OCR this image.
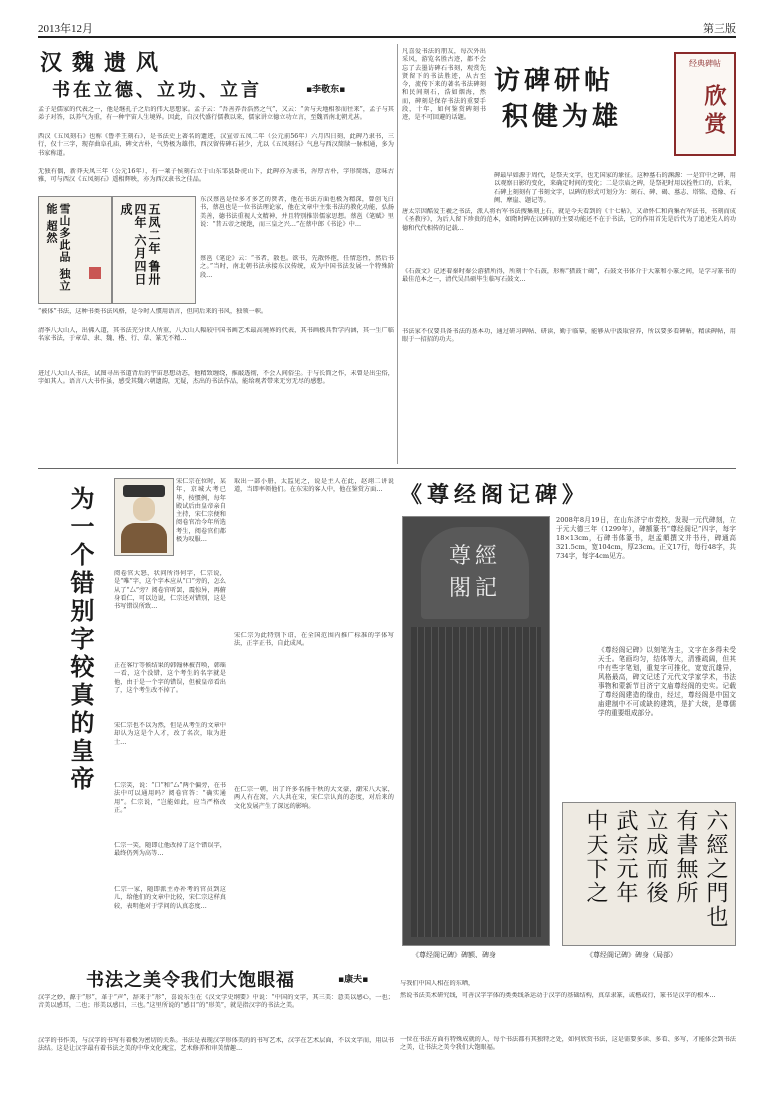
2013年12月	第三版
汉魏遗风
书在立德、立功、立言	▪李敬东▪
孟子是儒家的代表之一，他是继孔子之后的伟大思想家。孟子云：“吾善养吾浩然之气”，又云：“舍与天地相参而往来”，孟子与其弟子对答，以养气为重，有一种宇宙人生境界。因此，自汉代盛行儒教以来，儒家讲立德立功立言，至魏晋南北朝尤甚。
西汉《五凤刻石》也称《鲁孝王刻石》，是书法史上著名的遗迹，汉宣帝五凤二年（公元前56年）六月四日刻，此碑乃隶书，三行，仅十三字，现存曲阜孔庙，碑文古朴，气势极为雄伟，西汉留传碑石甚少，尤以《五凤刻石》气息与西汉简牍一脉相通，多为书家称道。
无独有偶，新莽天凤三年（公元16年），有一莱子侯刻石立于山东邹县卧虎山下，此碑亦为隶书，浑厚古朴，字形简练，意味古雅，可与西汉《五凤刻石》遥相辉映，亦为西汉隶书之佳品。
雪山多此品 独立能 超然	五凤二年 鲁卅四年 六月四日成
东汉蔡邕是位多才多艺的贤者，他在书法方面也极为精深，曾创飞白书，蔡邕也是一位书法理论家，他在文章中主张书法的教化功能，弘扬美善，德书法重视人文精神，并且特别推崇儒家思想。蔡邕《笔赋》里说：“昔五帝之统绝，而三皇之兴…”在蔡中郎《书论》中…
蔡邕《笔论》云：“书者，散也。欲书，先散怀抱，任情恣性，然后书之。”当时，南北朝书法承接东汉传统，成为中国书法发展一个特殊阶段…
“被体”书法，这种书类书法风格，是今时人惯用语言，但同后来的书风，独领一帜。
清季八大山人，出佛入道，其书法充分世人所重，八大山人幅较中国书画艺术最高境界的代表，其书画极具哲学内涵，其一生广临名家书法，于章草、隶、魏、楷、行、草、篆无不精…
进过八大山人书法，试图寻出书道背后的宇宙思想动态，他精致缠绕，推敲透彻，不会人间俗尘。于与长简之作，未曾是出尘俗，字如其人。语言八大书作虽，感受其魏六朝遗韵，无疑，杰出的书法作品，能给观者带来无穷无尽的感想。
凡喜爱书法的朋友，每次外出采风，游览名胜古迹，都不会忘了去墨访碑石书刻，观赏先贤留下的书法胜迹，从古至今，流传下来的著名书法碑刻和民间刻石，浩如烟海，然而，碑刻是保存书法的重要手段，十年，如何鉴赏碑刻书迹，是不可回避的话题。
访碑研帖
积健为雄
经典碑帖
欣赏
碑最早如源于周代，是祭天文字，也无国家的象征。这种墓石的渊源：一是宫中之碑，用以观察日影的变化，来确定时间的变化；二是宗庙之碑，是祭祀时用以拴牲口的，后来，石碑上刻刻有了书刻文字，以碑的形式可划分为：刻石、碑、碣、墓志、塔铭、造像、石阙、摩崖、题记等。
唐太宗因酷爱王羲之书法，派人将右军书法搜集刻上石，就是今天看到的《十七帖》，又命怀仁和尚集右军法书，书刻而成《圣教序》，为后人留下珍贵的范本，如隋时碑在汉碑初的主要功能还不在于书法，它的作用首先是后代为了追述先人的功德和代代相传的记载…
《石鼓文》记述着秦时秦公游猎所得，所刻十个石鼓，形称“猎鼓十碣”，石鼓文书体介于大篆和小篆之间，是学习篆书的最佳范本之一，清代吴昌硕毕生临写石鼓文…
书法家不仅要具备书法的基本功，通过研习碑帖、研读，勤于临摹，能够从中汲取营养，所以要多看碑帖，精读碑帖，用眼于一招招的功夫。
《尊经阁记碑》
尊經閣記
2008年8月19日，在山东济宁市党校，发现一元代碑刻，立于元大德三年（1299年），碑额篆书“尊经阁记”四字，每字18×13cm，石碑书体篆书，赵孟頫撰文并书丹，碑通高321.5cm，宽104cm，厚23cm。正文17行，每行48字，共734字，每字4cm见方。
《尊经阁记碑》以刻笔为主，文字在多得未受天壬。笔画均匀，结体等大，清雅疏阔，但其中有些字笔划，重复字可推化，宽宽沉雄异，风格最高，碑文记述了元代文学家学术，书法事物和蒙新节目济宁文庙尊经阁的史实。记载了尊经阁建造的缘由，经过，尊经阁是中国文庙建制中不可或缺的建筑，是扩大统，是尊儒学的重要组成部分。
六經之門也
有書無所
立成而後
武宗元年
中天下之
《尊经阁记碑》碑额、碑身	《尊经阁记碑》碑身（局部）
为一个错别字较真的皇帝
宋仁宗在位时，某年，京城大考已毕，按惯例，每年殿试后由皇帝亲自主持，宋仁宗便和阅卷官冶今年所选考生，阅卷官们都极为叹服…
阅卷官大怒，状问所得何字，仁宗说，是“唯”字，这个字本应从“口”旁的，怎么从了“厶”旁？阅卷官听罢，震惊异，再俯身看仁，可以边说，仁宗还对错别，这是书写错误所致…
正在客厅等候结果的韩翰林被召唤，韩瑶一看，这个没错，这个考生的名字就是他，由于是一个字的错误，但被皇帝看出了，这个考生改不掉了。
宋仁宗也不以为然，但是从考生的文章中却认为这是个人才，改了名次，取为进士…
仁宗笑，说：“口”和“厶”两个偏旁，在书法中可以通用吗？阅卷官答：“确实通用”。仁宗说，“岂能如此，应当严格改正。”
仁宗一笑，随即让他改掉了这个错误字，最终仍列为高等…
仁宗一家，随即派主办补考的官员到这儿，给他们的文章中比较，宋仁宗这样真较，表明他对于学问的认真态度…
取出一部小册，太监见之，说是主人在此，赵翊二讲说道，当即率领他们。在东宋的客人中，他在鉴赏方面…
宋仁宗为此特别下诏，在全国范围内推广标准的字体写法，正字正书，自此成风。
在仁宗一朝，出了许多名扬千秋的大文豪，潮宋八大家，两人有在窝，六人共在宋，宋仁宗认真的态度，对后来的文化发展产生了深远的影响。
书法之美令我们大饱眼福	▪康夫▪
汉字之妙，源于“形”，革于“声”，辞来于“形”，喜说东生在《汉文学史纲要》中说：“中国的文字，其三美：意美以感心，一也；音美以感耳，二也；形美以感目，三也。”这里所说的“感目”的“形美”，就是指汉字的书法之美。
汉字的书作美，与汉字的书写有着极为密切的关系。书法是表现汉字形体美的的书写艺术，汉字在艺术层面，不以文字而，用以书法结。这是让汉字最有着书法之美的中华文化瑰宝，艺术修养和审美情趣…
与我们中国人相在的东晒，
然说书法美术研究线，可善汉字字体的类类线条运动于汉字的基础结构，真草隶篆，或楷或行，篆书是汉字的根本…
一位在书法方面有特殊成就的人，每个书法都有其独特之处，如何欣赏书法，这是需要多读、多看、多写，才能体会到书法之美，让书法之美令我们大饱眼福。
